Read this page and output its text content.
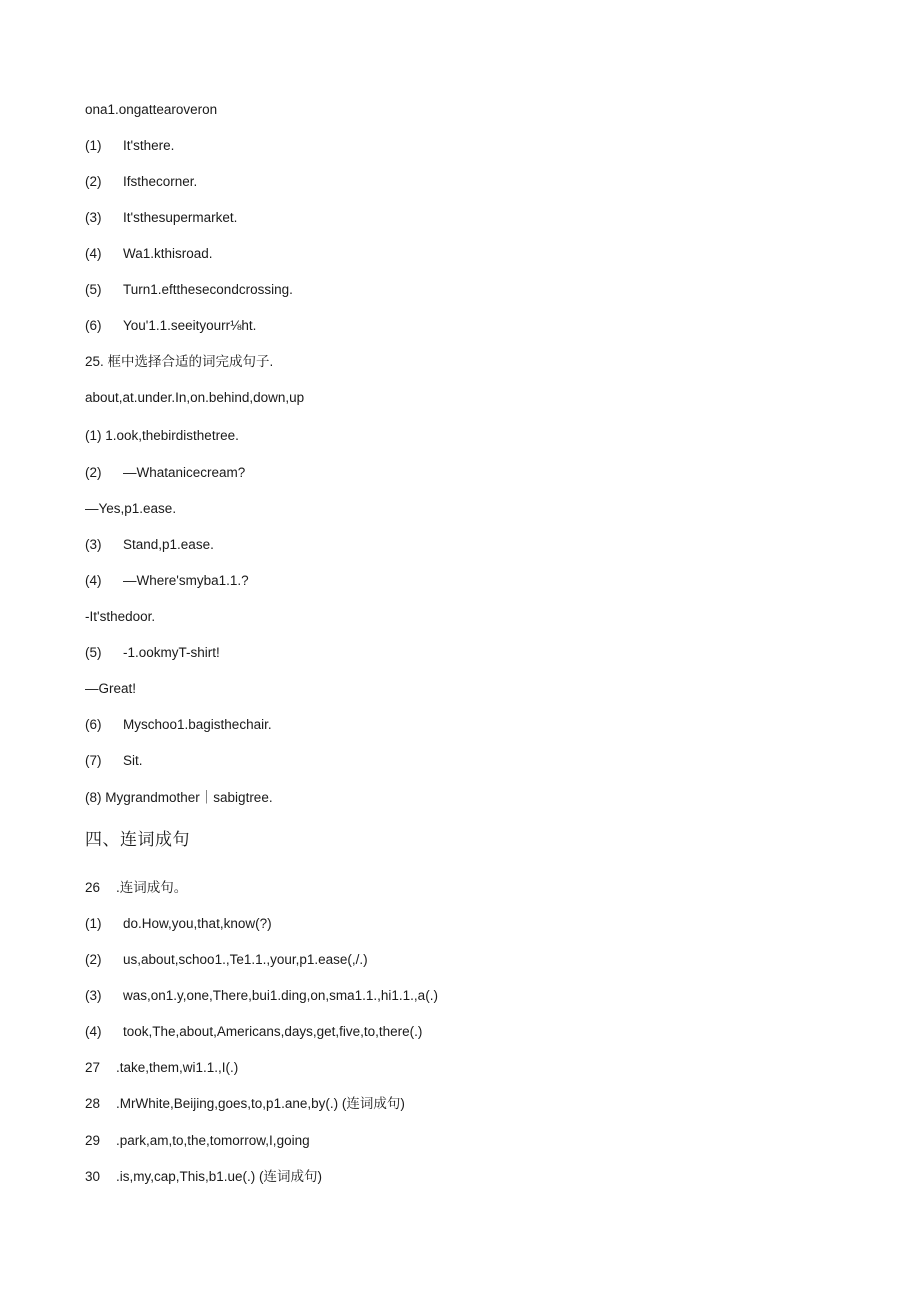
ona1.ongattearoveron
(1) It'sthere.
(2) Ifsthecorner.
(3) It'sthesupermarket.
(4) Wa1.kthisroad.
(5) Turn1.eftthesecondcrossing.
(6) You'1.1.seeityourr⅛ht.
25. 框中选择合适的词完成句子.
about,at.under.In,on.behind,down,up
(1) 1.ook,thebirdisthetree.
(2) —Whatanicecream?
—Yes,p1.ease.
(3) Stand,p1.ease.
(4) —Where'smyba1.1.?
-It'sthedoor.
(5) -1.ookmyT-shirt!
—Great!
(6) Myschoo1.bagisthechair.
(7) Sit.
(8) Mygrandmother｜sabigtree.
四、连词成句
26 .连词成句。
(1) do.How,you,that,know(?)
(2) us,about,schoo1.,Te1.1.,your,p1.ease(,/.)
(3) was,on1.y,one,There,bui1.ding,on,sma1.1.,hi1.1.,a(.)
(4) took,The,about,Americans,days,get,five,to,there(.)
27 .take,them,wi1.1.,I(.)
28 .MrWhite,Beijing,goes,to,p1.ane,by(.) (连词成句)
29 .park,am,to,the,tomorrow,I,going
30 .is,my,cap,This,b1.ue(.) (连词成句)
